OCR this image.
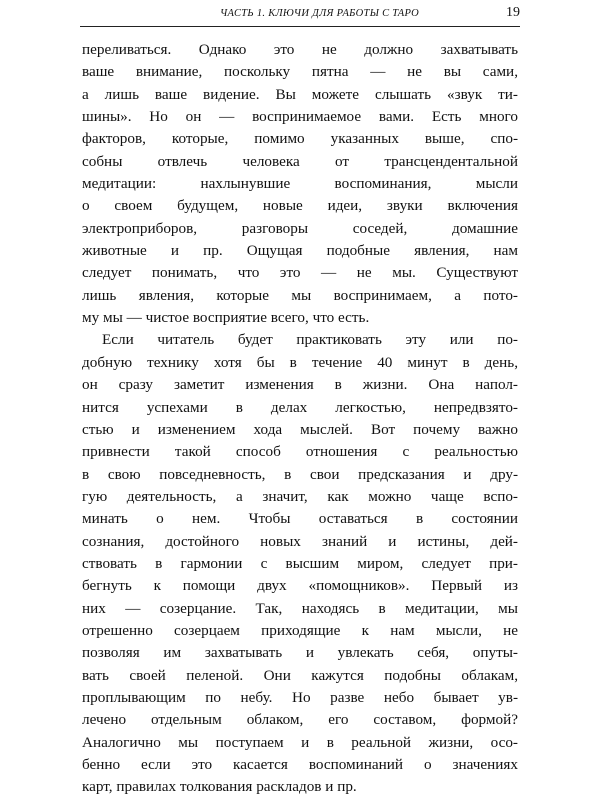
ЧАСТЬ 1. КЛЮЧИ ДЛЯ РАБОТЫ С ТАРО	19
переливаться. Однако это не должно захватывать
ваше внимание, поскольку пятна — не вы сами,
а лишь ваше видение. Вы можете слышать «звук ти-
шины». Но он — воспринимаемое вами. Есть много
факторов, которые, помимо указанных выше, спо-
собны отвлечь человека от трансцендентальной
медитации: нахлынувшие воспоминания, мысли
о своем будущем, новые идеи, звуки включения
электроприборов, разговоры соседей, домашние
животные и пр. Ощущая подобные явления, нам
следует понимать, что это — не мы. Существуют
лишь явления, которые мы воспринимаем, а пото-
му мы — чистое восприятие всего, что есть.
Если читатель будет практиковать эту или по-
добную технику хотя бы в течение 40 минут в день,
он сразу заметит изменения в жизни. Она напол-
нится успехами в делах легкостью, непредвзято-
стью и изменением хода мыслей. Вот почему важно
привнести такой способ отношения с реальностью
в свою повседневность, в свои предсказания и дру-
гую деятельность, а значит, как можно чаще вспо-
минать о нем. Чтобы оставаться в состоянии
сознания, достойного новых знаний и истины, дей-
ствовать в гармонии с высшим миром, следует при-
бегнуть к помощи двух «помощников». Первый из
них — созерцание. Так, находясь в медитации, мы
отрешенно созерцаем приходящие к нам мысли, не
позволяя им захватывать и увлекать себя, опуты-
вать своей пеленой. Они кажутся подобны облакам,
проплывающим по небу. Но разве небо бывает ув-
лечено отдельным облаком, его составом, формой?
Аналогично мы поступаем и в реальной жизни, осо-
бенно если это касается воспоминаний о значениях
карт, правилах толкования раскладов и пр.
